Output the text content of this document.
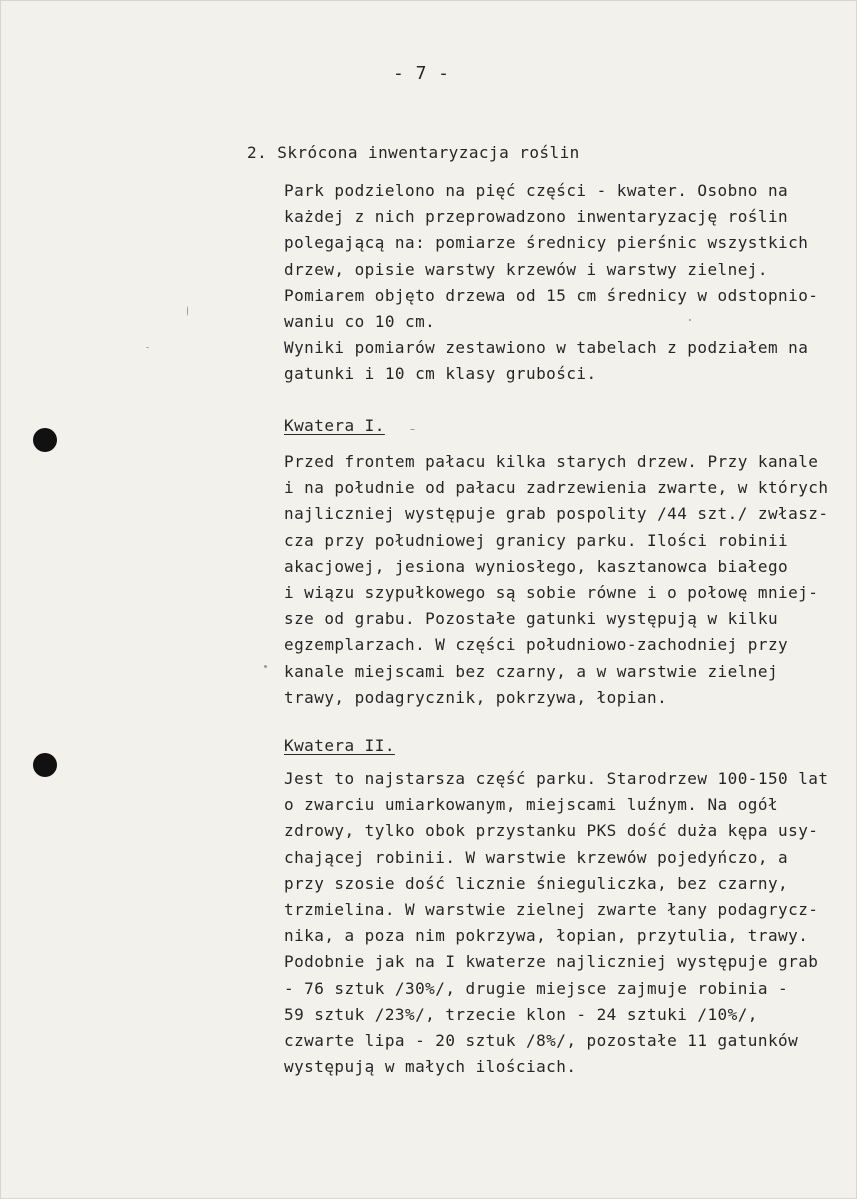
- 7 -
2. Skrócona inwentaryzacja roślin
Park podzielono na pięć części - kwater. Osobno na
każdej z nich przeprowadzono inwentaryzację roślin
polegającą na: pomiarze średnicy pierśnic wszystkich
drzew, opisie warstwy krzewów i warstwy zielnej.
Pomiarem objęto drzewa od 15 cm średnicy w odstopnio-
waniu co 10 cm.
Wyniki pomiarów zestawiono w tabelach z podziałem na
gatunki i 10 cm klasy grubości.
Kwatera I.
Przed frontem pałacu kilka starych drzew. Przy kanale
i na południe od pałacu zadrzewienia zwarte, w których
najliczniej występuje grab pospolity /44 szt./ zwłasz-
cza przy południowej granicy parku. Ilości robinii
akacjowej, jesiona wyniosłego, kasztanowca białego
i wiązu szypułkowego są sobie równe i o połowę mniej-
sze od grabu. Pozostałe gatunki występują w kilku
egzemplarzach. W części południowo-zachodniej przy
kanale miejscami bez czarny, a w warstwie zielnej
trawy, podagrycznik, pokrzywa, łopian.
Kwatera II.
Jest to najstarsza część parku. Starodrzew 100-150 lat
o zwarciu umiarkowanym, miejscami luźnym. Na ogół
zdrowy, tylko obok przystanku PKS dość duża kępa usy-
chającej robinii. W warstwie krzewów pojedyńczo, a
przy szosie dość licznie śnieguliczka, bez czarny,
trzmielina. W warstwie zielnej zwarte łany podagrycz-
nika, a poza nim pokrzywa, łopian, przytulia, trawy.
Podobnie jak na I kwaterze najliczniej występuje grab
- 76 sztuk /30%/, drugie miejsce zajmuje robinia -
59 sztuk /23%/, trzecie klon - 24 sztuki /10%/,
czwarte lipa - 20 sztuk /8%/, pozostałe 11 gatunków
występują w małych ilościach.
